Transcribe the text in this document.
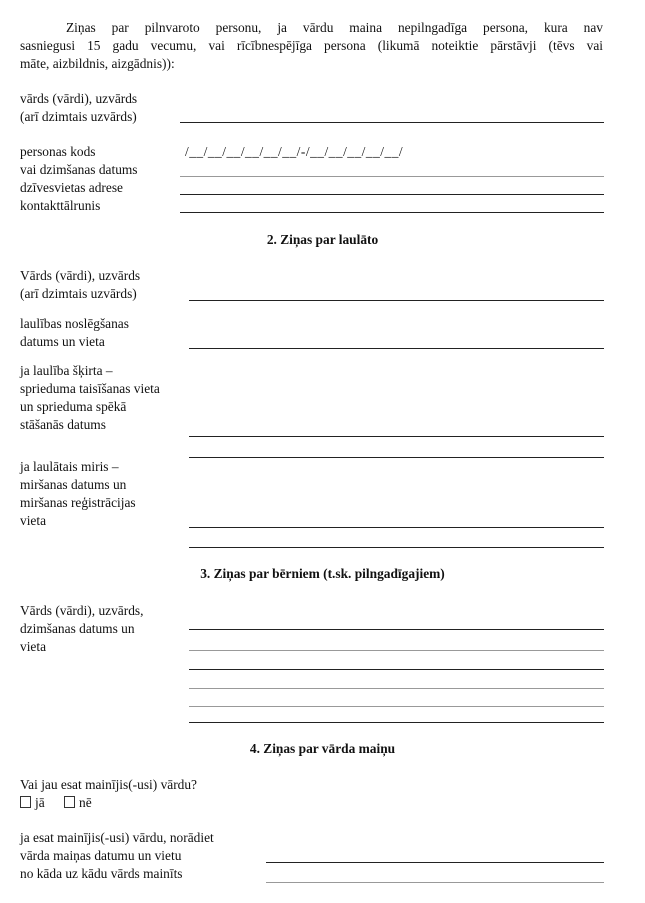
Ziņas par pilnvaroto personu, ja vārdu maina nepilngadīga persona, kura nav
sasniegusi 15 gadu vecumu, vai rīcībnespējīga persona (likumā noteiktie pārstāvji (tēvs vai
māte, aizbildnis, aizgādnis)):
vārds (vārdi), uzvārds
(arī dzimtais uzvārds)
personas kods
vai dzimšanas datums
/__/__/__/__/__/__/-/__/__/__/__/__/
dzīvesvietas adrese
kontakttālrunis
2. Ziņas par laulāto
Vārds (vārdi), uzvārds
(arī dzimtais uzvārds)
laulības noslēgšanas
datums un vieta
ja laulība šķirta –
sprieduma taisīšanas vieta
un sprieduma spēkā
stāšanās datums
ja laulātais miris –
miršanas datums un
miršanas reģistrācijas
vieta
3. Ziņas par bērniem (t.sk. pilngadīgajiem)
Vārds (vārdi), uzvārds,
dzimšanas datums un
vieta
4. Ziņas par vārda maiņu
Vai jau esat mainījis(-usi) vārdu?
jā	nē
ja esat mainījis(-usi) vārdu, norādiet
vārda maiņas datumu un vietu
no kāda uz kādu vārds mainīts
